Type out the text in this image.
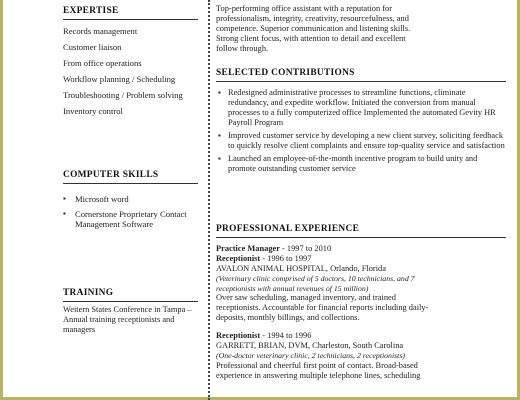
EXPERTISE
Records management
Customer liaison
From office operations
Workflow planning / Scheduling
Troubleshooting / Problem solving
Inventory control
COMPUTER SKILLS
▪ Microsoft word
▪ Cornerstone Proprietary Contact Management Software
TRAINING

Weitern States Conference in Tampa – Annual training receptionists and managers

Top-performing office assistant with a reputation for professionalism, integrity, creativity, resourcefulness, and competence. Superior communication and listening skills. Strong client focus, with attention to detail and excellent follow through.

SELECTED CONTRIBUTIONS
▪ Redesigned administrative processes to streamline functions, climinate redundancy, and expedite workflow. Initiated the conversion from manual processes to a fully computerized office Implemented the automated Gevity HR Payroll Program
▪ Improved customer service by developing a new client survey, soliciting feedback to quickly resolve client complaints and ensure top-quality service and satisfaction
▪ Launched an employee-of-the-month incentive program to build unity and promote outstanding customer service
PROFESSIONAL EXPERIENCE

Practice Manager - 1997 to 2010

Receptionist - 1996 to 1997

AVALON ANIMAL HOSPITAL, Orlando, Florida

(Veterinary clinic comprised of 5 doctors, 10 technicians, and 7 receptionists with annual revenues of 15 million)

Over saw scheduling, managed inventory, and trained receptionists. Accountable for financial reports including daily-deposits, monthly billings, and collections.

Receptionist - 1994 to 1996

GARRETT, BRIAN, DVM, Charleston, South Carolina

(One-doctor veterinary clinic, 2 technicians, 2 receptionists)

Professional and cheerful first point of contact. Broad-based experience in answering multiple telephone lines, scheduling
